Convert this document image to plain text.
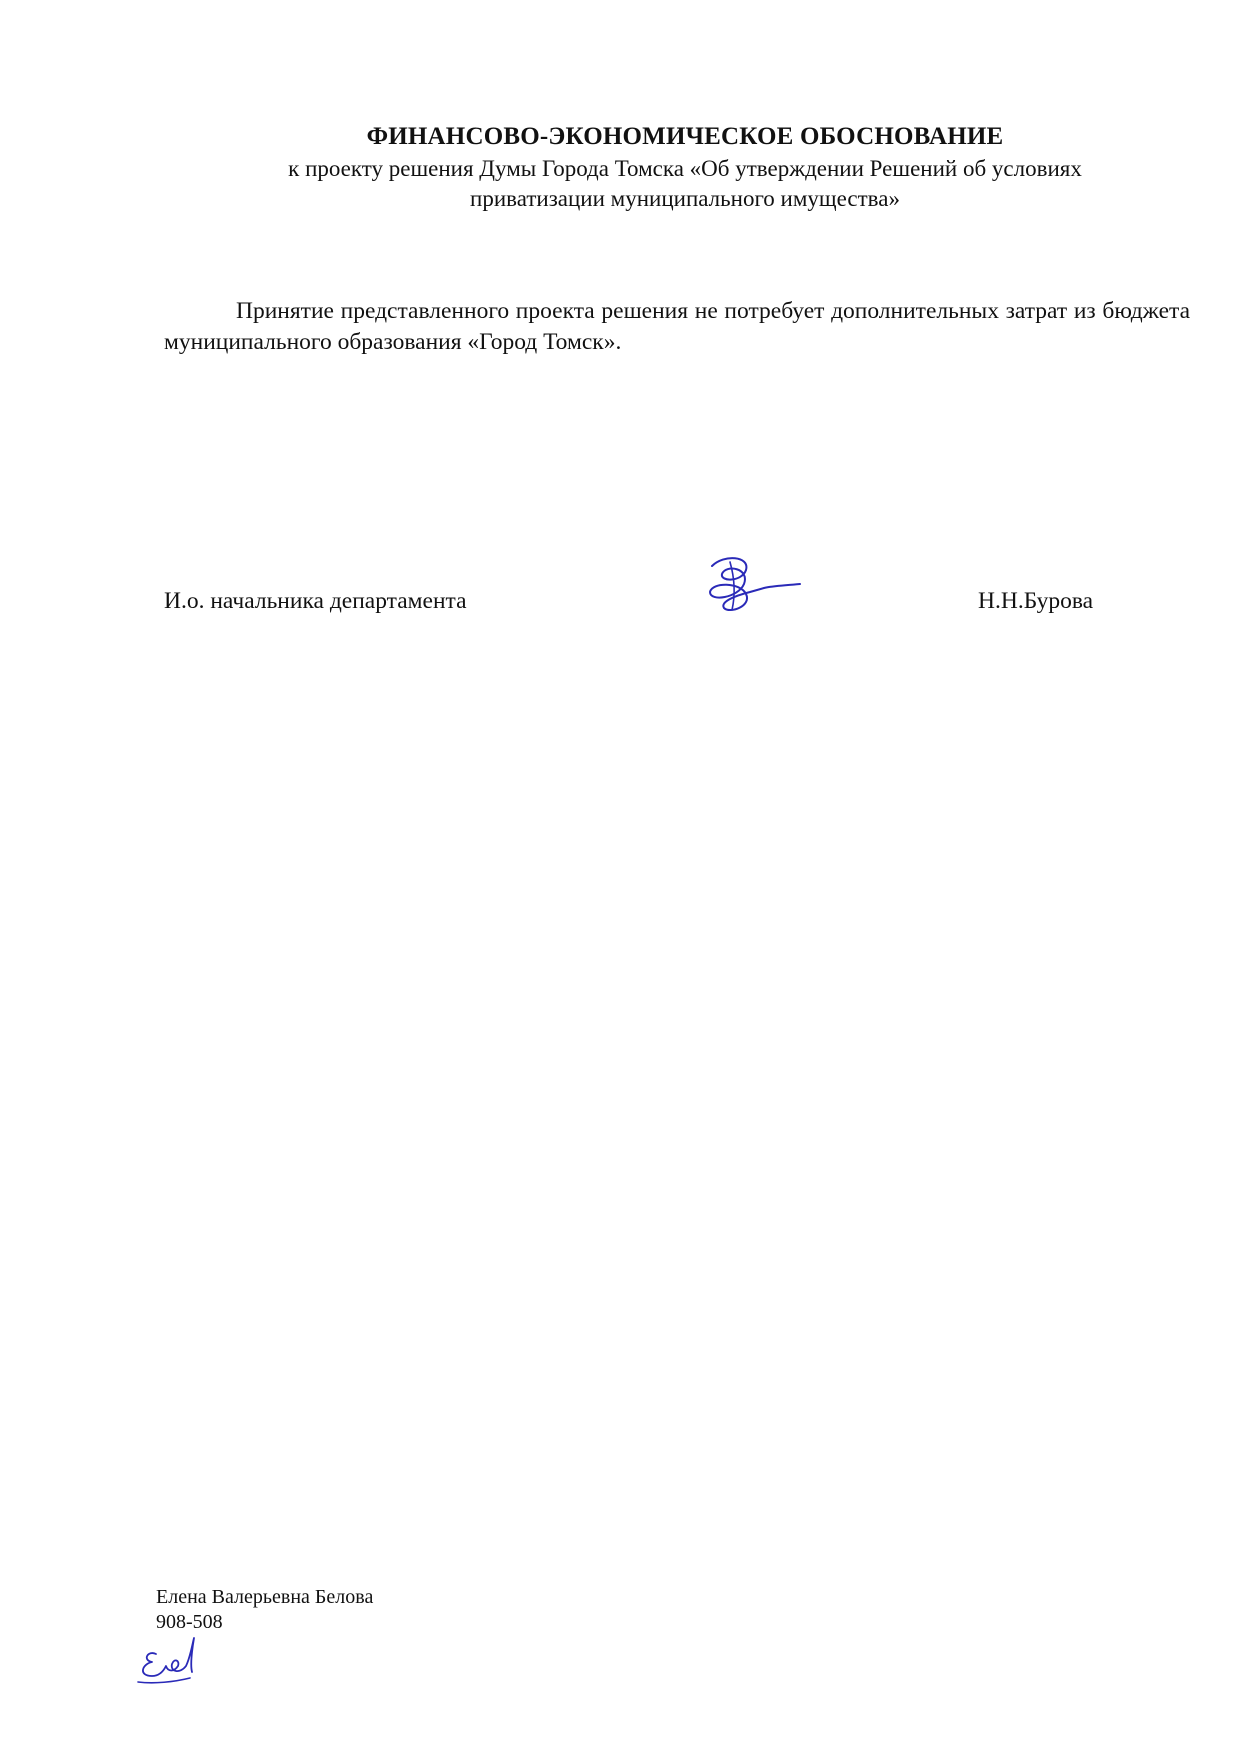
ФИНАНСОВО-ЭКОНОМИЧЕСКОЕ ОБОСНОВАНИЕ
к проекту решения Думы Города Томска «Об утверждении Решений об условиях
приватизации муниципального имущества»

Принятие представленного проекта решения не потребует дополнительных затрат из бюджета муниципального образования «Город Томск».

И.о. начальника департамента	Н.Н.Бурова
Елена Валерьевна Белова
908-508
